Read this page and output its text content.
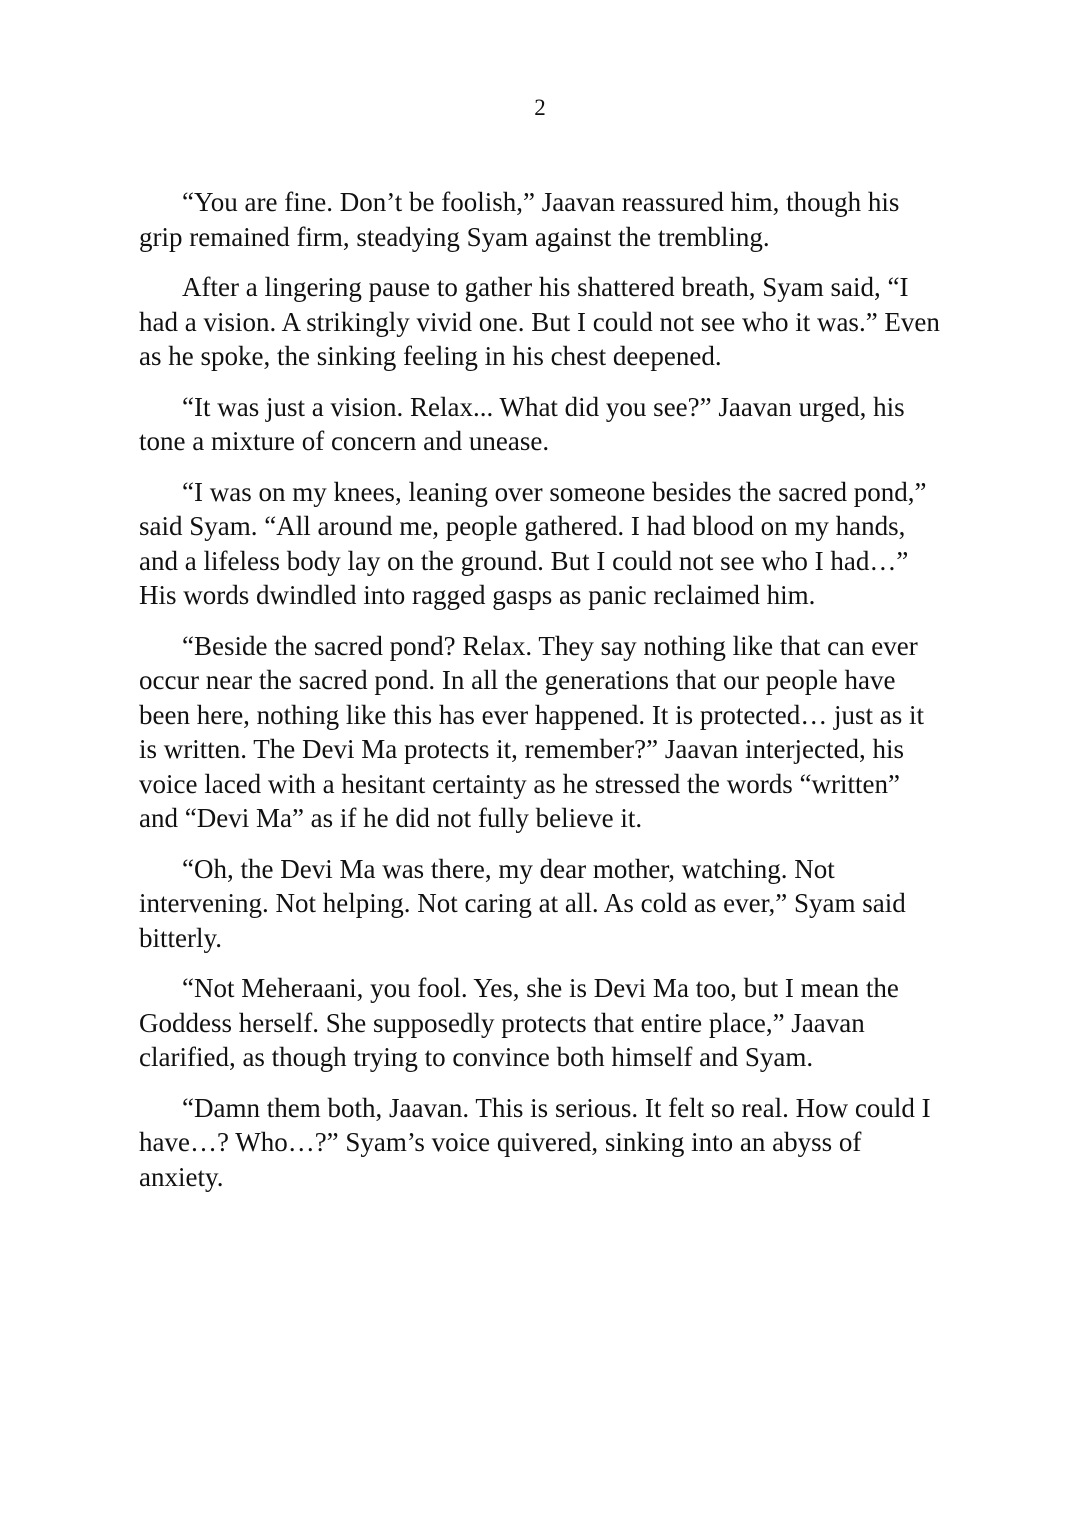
2

“You are fine. Don’t be foolish,” Jaavan reassured him, though his grip remained firm, steadying Syam against the trembling.

After a lingering pause to gather his shattered breath, Syam said, “I had a vision. A strikingly vivid one. But I could not see who it was.” Even as he spoke, the sinking feeling in his chest deepened.

“It was just a vision. Relax... What did you see?” Jaavan urged, his tone a mixture of concern and unease.

“I was on my knees, leaning over someone besides the sacred pond,” said Syam. “All around me, people gathered. I had blood on my hands, and a lifeless body lay on the ground. But I could not see who I had…” His words dwindled into ragged gasps as panic reclaimed him.

“Beside the sacred pond? Relax. They say nothing like that can ever occur near the sacred pond. In all the generations that our people have been here, nothing like this has ever happened. It is protected… just as it is written. The Devi Ma protects it, remember?” Jaavan interjected, his voice laced with a hesitant certainty as he stressed the words “written” and “Devi Ma” as if he did not fully believe it.

“Oh, the Devi Ma was there, my dear mother, watching. Not intervening. Not helping. Not caring at all. As cold as ever,” Syam said bitterly.

“Not Meheraani, you fool. Yes, she is Devi Ma too, but I mean the Goddess herself. She supposedly protects that entire place,” Jaavan clarified, as though trying to convince both himself and Syam.

“Damn them both, Jaavan. This is serious. It felt so real. How could I have…? Who…?” Syam’s voice quivered, sinking into an abyss of anxiety.
